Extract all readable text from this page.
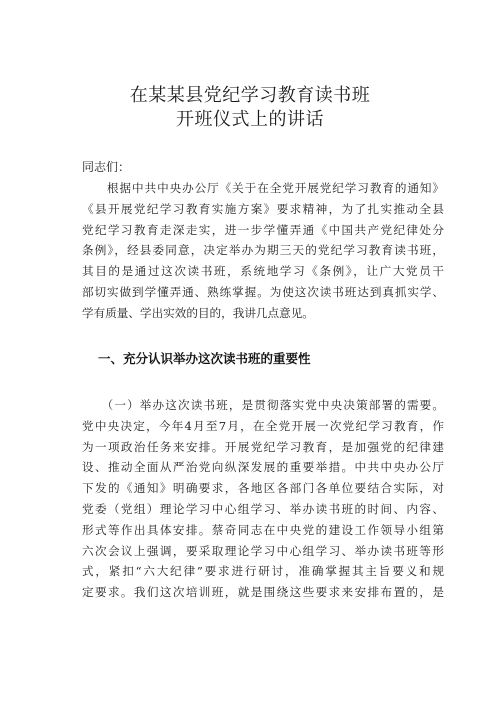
在某某县党纪学习教育读书班
开班仪式上的讲话
同志们：
　　根据中共中央办公厅《关于在全党开展党纪学习教育的通知》
《县开展党纪学习教育实施方案》要求精神，为了扎实推动全县
党纪学习教育走深走实，进一步学懂弄通《中国共产党纪律处分
条例》，经县委同意，决定举办为期三天的党纪学习教育读书班，
其目的是通过这次读书班，系统地学习《条例》，让广大党员干
部切实做到学懂弄通、熟练掌握。为使这次读书班达到真抓实学、
学有质量、学出实效的目的，我讲几点意见。
一、充分认识举办这次读书班的重要性
　　（一）举办这次读书班，是贯彻落实党中央决策部署的需要。
党中央决定，今年4月至7月，在全党开展一次党纪学习教育，作
为一项政治任务来安排。开展党纪学习教育，是加强党的纪律建
设、推动全面从严治党向纵深发展的重要举措。中共中央办公厅
下发的《通知》明确要求，各地区各部门各单位要结合实际，对
党委（党组）理论学习中心组学习、举办读书班的时间、内容、
形式等作出具体安排。蔡奇同志在中央党的建设工作领导小组第
六次会议上强调，要采取理论学习中心组学习、举办读书班等形
式，紧扣“六大纪律”要求进行研讨，准确掌握其主旨要义和规
定要求。我们这次培训班，就是围绕这些要求来安排布置的，是
